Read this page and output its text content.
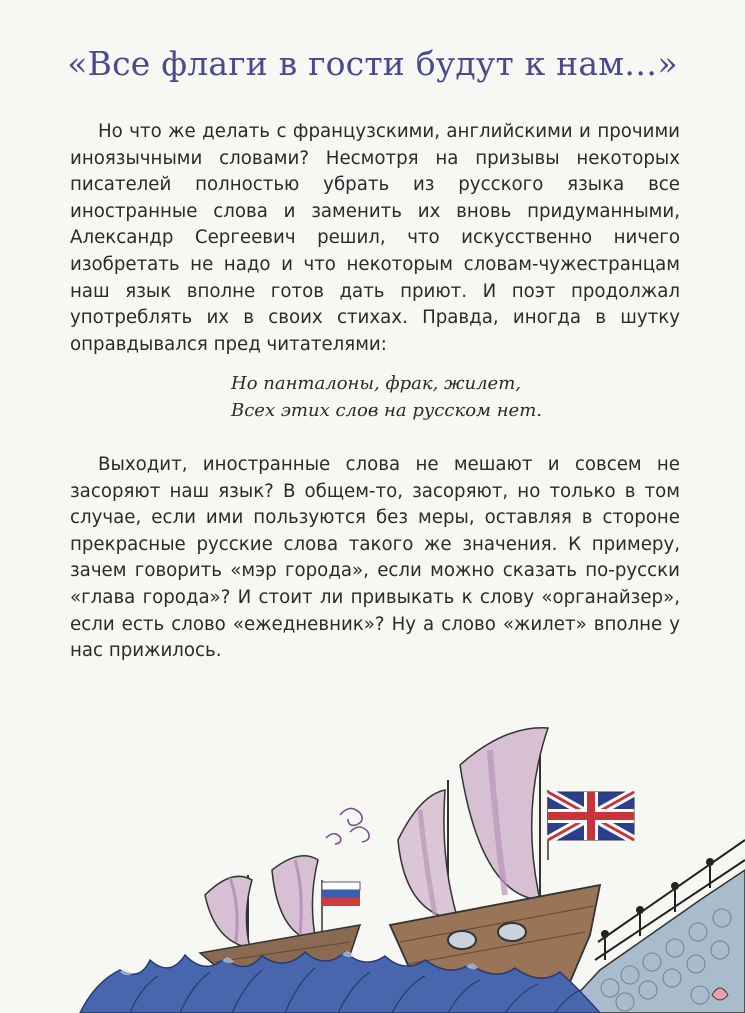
«Все флаги в гости будут к нам…»

Но что же делать с французскими, английскими и прочими иноязычными словами? Несмотря на призывы некоторых писателей полностью убрать из русского языка все иностранные слова и заменить их вновь придуманными, Александр Сергеевич решил, что искусственно ничего изобретать не надо и что некоторым словам-чужестранцам наш язык вполне готов дать приют. И поэт продолжал употреблять их в своих стихах. Правда, иногда в шутку оправдывался пред читателями:

Но панталоны, фрак, жилет,
Всех этих слов на русском нет.

Выходит, иностранные слова не мешают и совсем не засоряют наш язык? В общем-то, засоряют, но только в том случае, если ими пользуются без меры, оставляя в стороне прекрасные русские слова такого же значения. К примеру, зачем говорить «мэр города», если можно сказать по-русски «глава города»? И стоит ли привыкать к слову «органайзер», если есть слово «ежедневник»? Ну а слово «жилет» вполне у нас прижилось.
